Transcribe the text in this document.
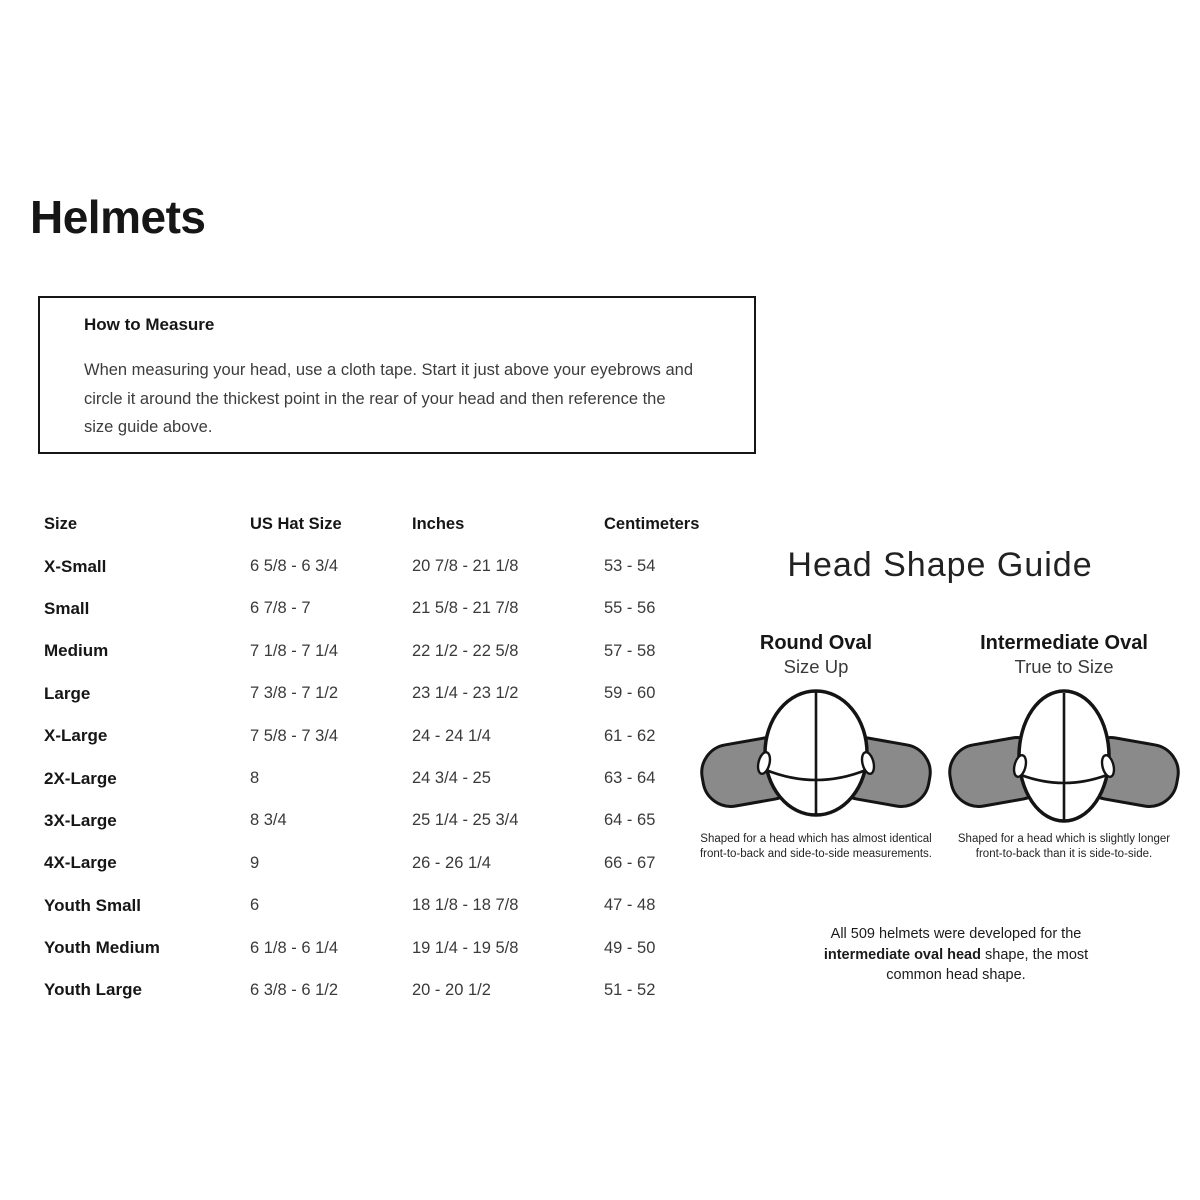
Helmets
How to Measure
When measuring your head, use a cloth tape. Start it just above your eyebrows and circle it around the thickest point in the rear of your head and then reference the size guide above.
Size	US Hat Size	Inches	Centimeters
X-Small	6 5/8 - 6 3/4	20 7/8 - 21 1/8	53 - 54
Small	6 7/8 - 7	21 5/8 - 21 7/8	55 - 56
Medium	7 1/8 - 7 1/4	22 1/2 - 22 5/8	57 - 58
Large	7 3/8 - 7 1/2	23 1/4 - 23 1/2	59 - 60
X-Large	7 5/8 - 7 3/4	24 - 24 1/4	61 - 62
2X-Large	8	24 3/4 - 25	63 - 64
3X-Large	8 3/4	25 1/4 - 25 3/4	64 - 65
4X-Large	9	26 - 26 1/4	66 - 67
Youth Small	6	18 1/8 - 18 7/8	47 - 48
Youth Medium	6 1/8 - 6 1/4	19 1/4 - 19 5/8	49 - 50
Youth Large	6 3/8 - 6 1/2	20 - 20 1/2	51 - 52
Head Shape Guide
Round Oval
Size Up
Shaped for a head which has almost identical front-to-back and side-to-side measurements.
Intermediate Oval
True to Size
Shaped for a head which is slightly longer front-to-back than it is side-to-side.
All 509 helmets were developed for the intermediate oval head shape, the most common head shape.
